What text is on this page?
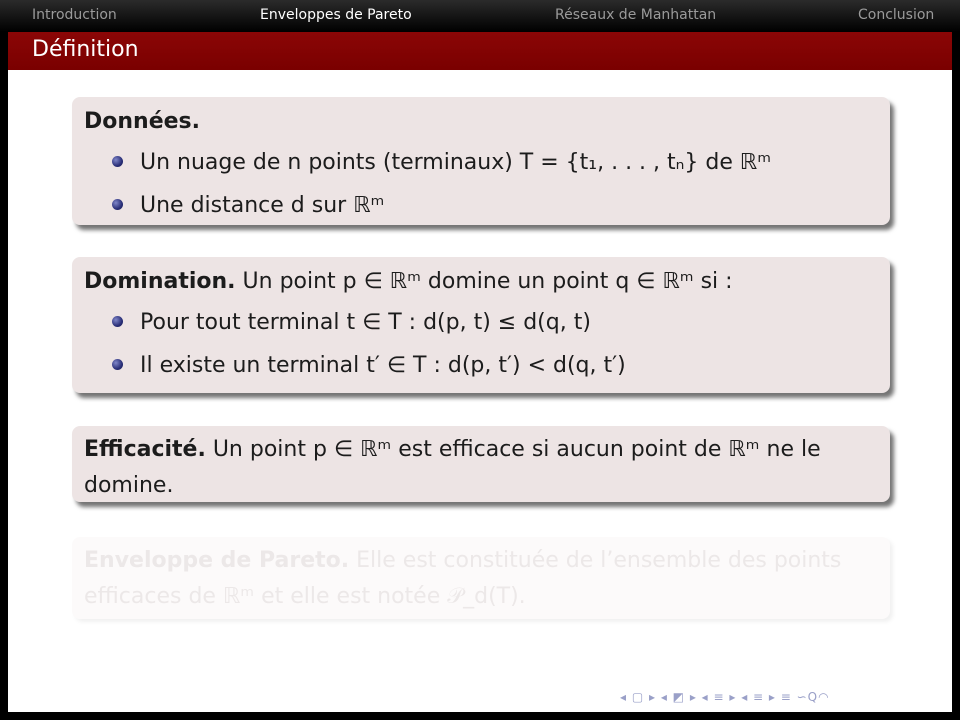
Introduction	Enveloppes de Pareto	Réseaux de Manhattan	Conclusion
Définition
Données.
Un nuage de n points (terminaux) T = {t₁, . . . , tₙ} de ℝᵐ
Une distance d sur ℝᵐ
Domination. Un point p ∈ ℝᵐ domine un point q ∈ ℝᵐ si :
Pour tout terminal t ∈ T : d(p, t) ≤ d(q, t)
Il existe un terminal t′ ∈ T : d(p, t′) < d(q, t′)

Efficacité. Un point p ∈ ℝᵐ est efficace si aucun point de ℝᵐ ne le domine.

Enveloppe de Pareto. Elle est constituée de l’ensemble des points efficaces de ℝᵐ et elle est notée 𝒫_d(T).

◂ ▢ ▸ ◂ ◩ ▸ ◂ ≡ ▸ ◂ ≡ ▸ ≡ ∽Q◠
